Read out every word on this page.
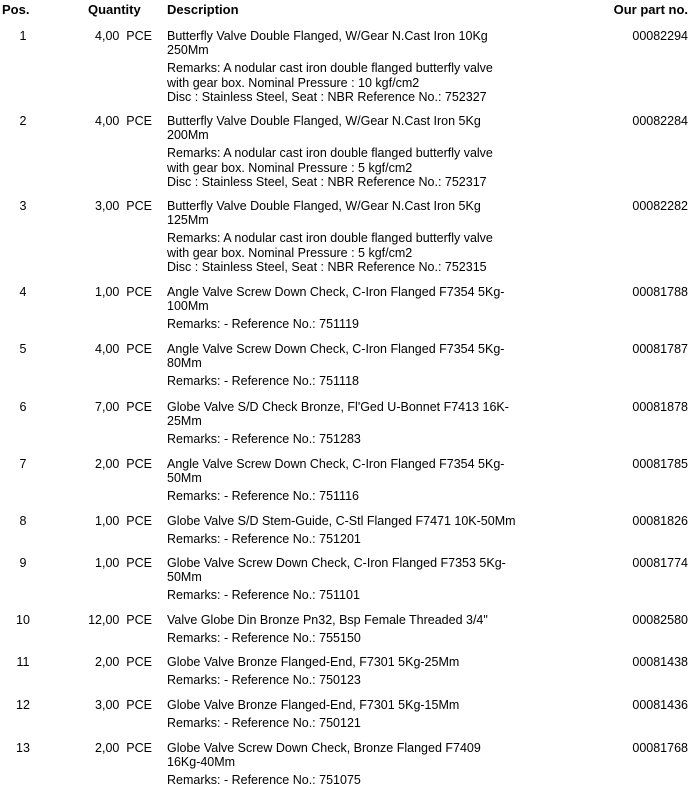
Pos.	Quantity Description	Our part no.
1	4,00  PCE Butterfly Valve Double Flanged, W/Gear N.Cast Iron 10Kg
250Mm
Remarks: A nodular cast iron double flanged butterfly valve
with gear box. Nominal Pressure : 10 kgf/cm2
Disc : Stainless Steel, Seat : NBR Reference No.: 752327
00082294
2	4,00  PCE Butterfly Valve Double Flanged, W/Gear N.Cast Iron 5Kg
200Mm
Remarks: A nodular cast iron double flanged butterfly valve
with gear box. Nominal Pressure : 5 kgf/cm2
Disc : Stainless Steel, Seat : NBR Reference No.: 752317
00082284
3	3,00  PCE Butterfly Valve Double Flanged, W/Gear N.Cast Iron 5Kg
125Mm
Remarks: A nodular cast iron double flanged butterfly valve
with gear box. Nominal Pressure : 5 kgf/cm2
Disc : Stainless Steel, Seat : NBR Reference No.: 752315
00082282
4	1,00  PCE Angle Valve Screw Down Check, C-Iron Flanged F7354 5Kg-
100Mm
Remarks: - Reference No.: 751119
00081788
5	4,00  PCE Angle Valve Screw Down Check, C-Iron Flanged F7354 5Kg-
80Mm
Remarks: - Reference No.: 751118
00081787
6	7,00  PCE Globe Valve S/D Check Bronze, Fl'Ged U-Bonnet F7413 16K-
25Mm
Remarks: - Reference No.: 751283
00081878
7	2,00  PCE Angle Valve Screw Down Check, C-Iron Flanged F7354 5Kg-
50Mm
Remarks: - Reference No.: 751116
00081785
8	1,00  PCE Globe Valve S/D Stem-Guide, C-Stl Flanged F7471 10K-50Mm
Remarks: - Reference No.: 751201
00081826
9	1,00  PCE Globe Valve Screw Down Check, C-Iron Flanged F7353 5Kg-
50Mm
Remarks: - Reference No.: 751101
00081774
10	12,00  PCE Valve Globe Din Bronze Pn32, Bsp Female Threaded 3/4"
Remarks: - Reference No.: 755150
00082580
11	2,00  PCE Globe Valve Bronze Flanged-End, F7301 5Kg-25Mm
Remarks: - Reference No.: 750123
00081438
12	3,00  PCE Globe Valve Bronze Flanged-End, F7301 5Kg-15Mm
Remarks: - Reference No.: 750121
00081436
13	2,00  PCE Globe Valve Screw Down Check, Bronze Flanged F7409
16Kg-40Mm
Remarks: - Reference No.: 751075
00081768
